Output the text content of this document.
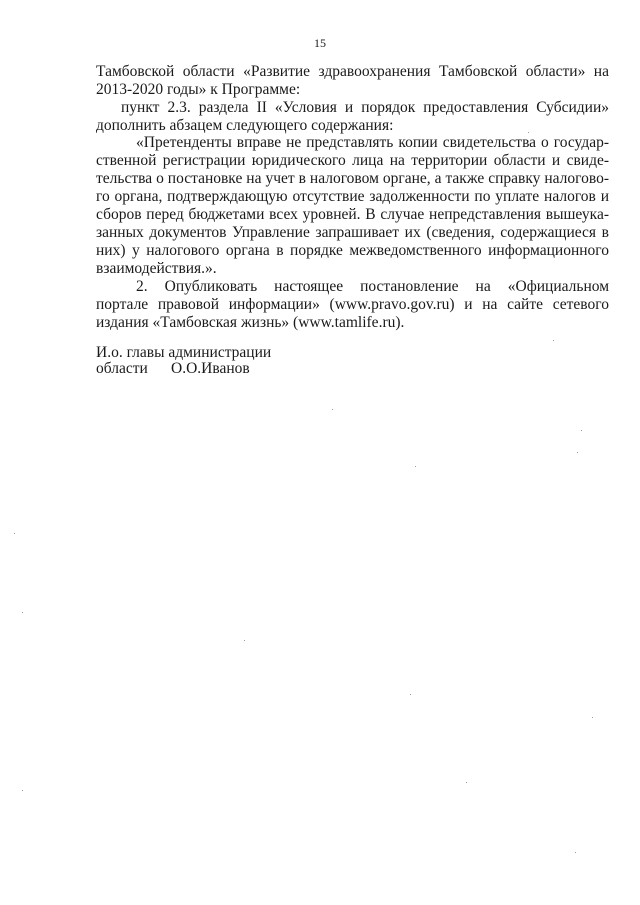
15
Тамбовской области «Развитие здравоохранения Тамбовской области» на
2013-2020 годы» к Программе:
пункт 2.3. раздела II «Условия и порядок предоставления Субсидии»
дополнить абзацем следующего содержания:
«Претенденты вправе не представлять копии свидетельства о государ-
ственной регистрации юридического лица на территории области и свиде-
тельства о постановке на учет в налоговом органе, а также справку налогово-
го органа, подтверждающую отсутствие задолженности по уплате налогов и
сборов перед бюджетами всех уровней. В случае непредставления вышеука-
занных документов Управление запрашивает их (сведения, содержащиеся в
них) у налогового органа в порядке межведомственного информационного
взаимодействия.».
2. Опубликовать настоящее постановление на «Официальном
портале правовой информации» (www.pravo.gov.ru) и на сайте сетевого
издания «Тамбовская жизнь» (www.tamlife.ru).
И.о. главы администрации
области О.О.Иванов
